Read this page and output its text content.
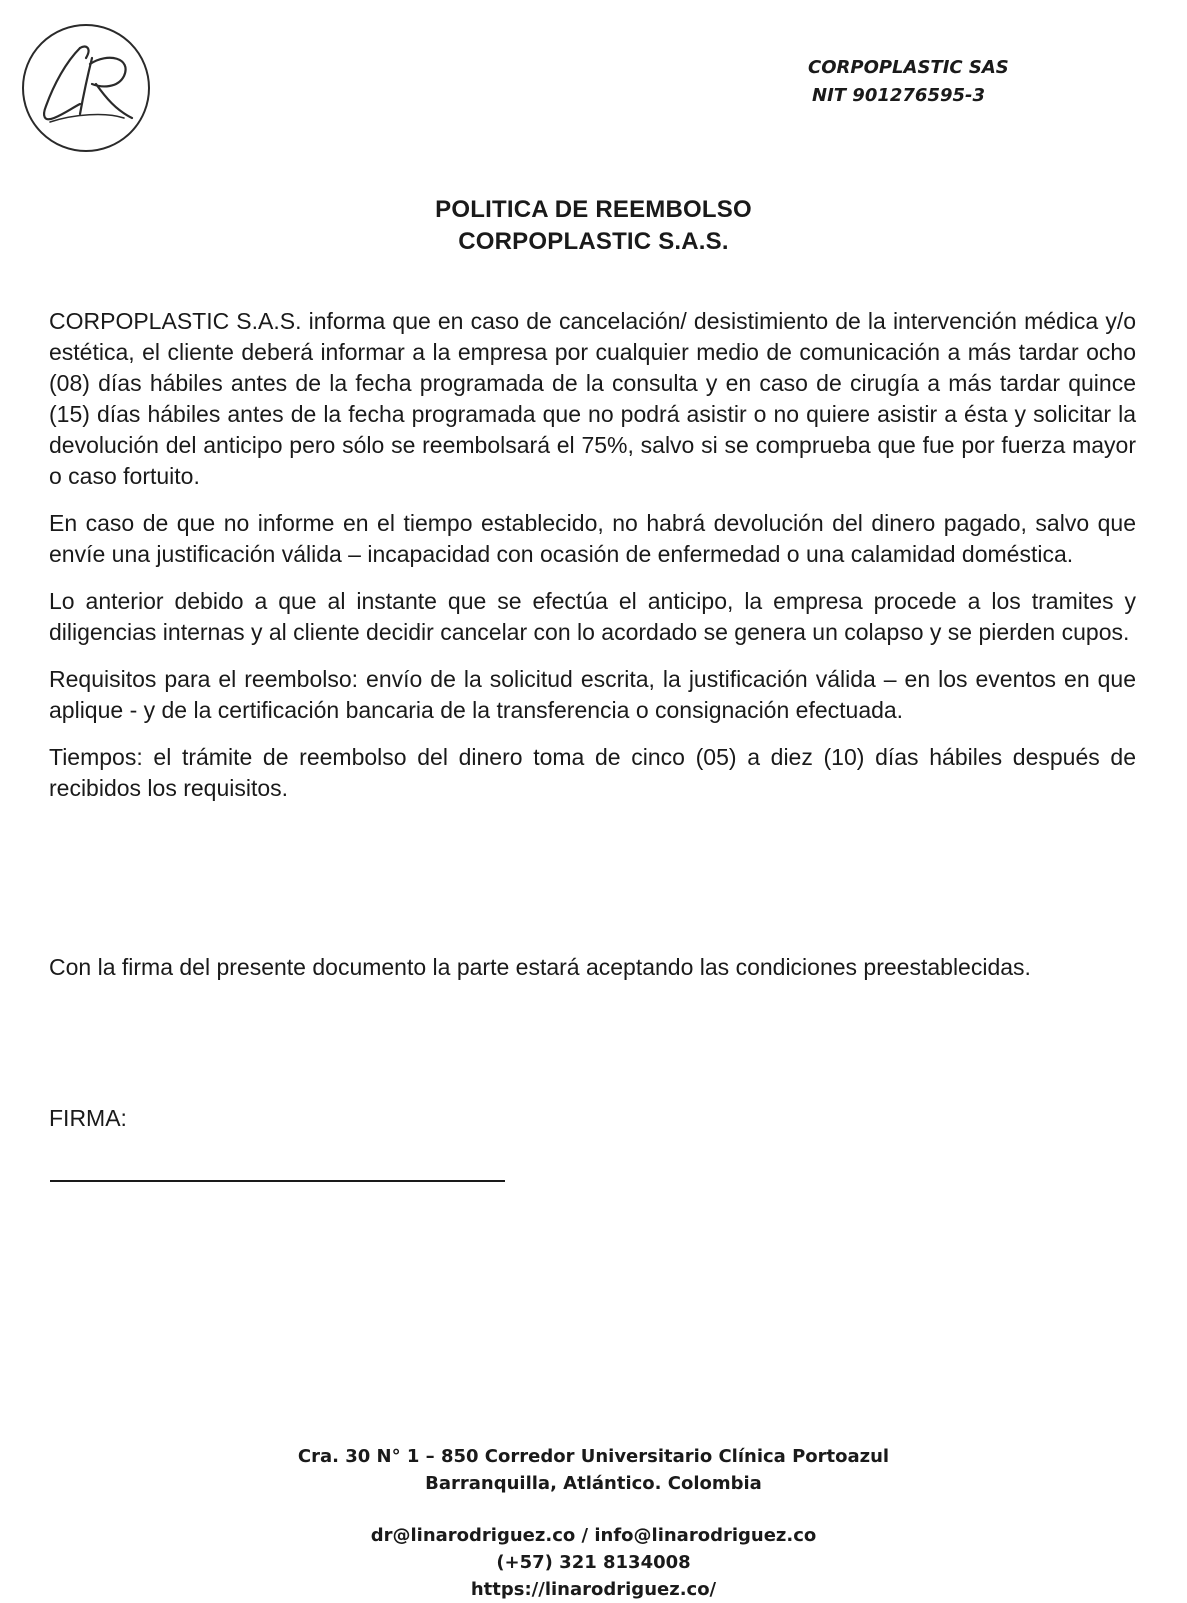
CORPOPLASTIC SAS
NIT 901276595-3
POLITICA DE REEMBOLSO
CORPOPLASTIC S.A.S.

CORPOPLASTIC S.A.S. informa que en caso de cancelación/ desistimiento de la intervención médica y/o estética, el cliente deberá informar a la empresa por cualquier medio de comunicación a más tardar ocho (08) días hábiles antes de la fecha programada de la consulta y en caso de cirugía a más tardar quince (15) días hábiles antes de la fecha programada que no podrá asistir o no quiere asistir a ésta y solicitar la devolución del anticipo pero sólo se reembolsará el 75%, salvo si se comprueba que fue por fuerza mayor o caso fortuito.

En caso de que no informe en el tiempo establecido, no habrá devolución del dinero pagado, salvo que envíe una justificación válida – incapacidad con ocasión de enfermedad o una calamidad doméstica.

Lo anterior debido a que al instante que se efectúa el anticipo, la empresa procede a los tramites y diligencias internas y al cliente decidir cancelar con lo acordado se genera un colapso y se pierden cupos.

Requisitos para el reembolso: envío de la solicitud escrita, la justificación válida – en los eventos en que aplique - y de la certificación bancaria de la transferencia o consignación efectuada.

Tiempos: el trámite de reembolso del dinero toma de cinco (05) a diez (10) días hábiles después de recibidos los requisitos.

Con la firma del presente documento la parte estará aceptando las condiciones preestablecidas.

FIRMA:
Cra. 30 N° 1 – 850 Corredor Universitario Clínica Portoazul
Barranquilla, Atlántico. Colombia
dr@linarodriguez.co / info@linarodriguez.co
(+57) 321 8134008
https://linarodriguez.co/
